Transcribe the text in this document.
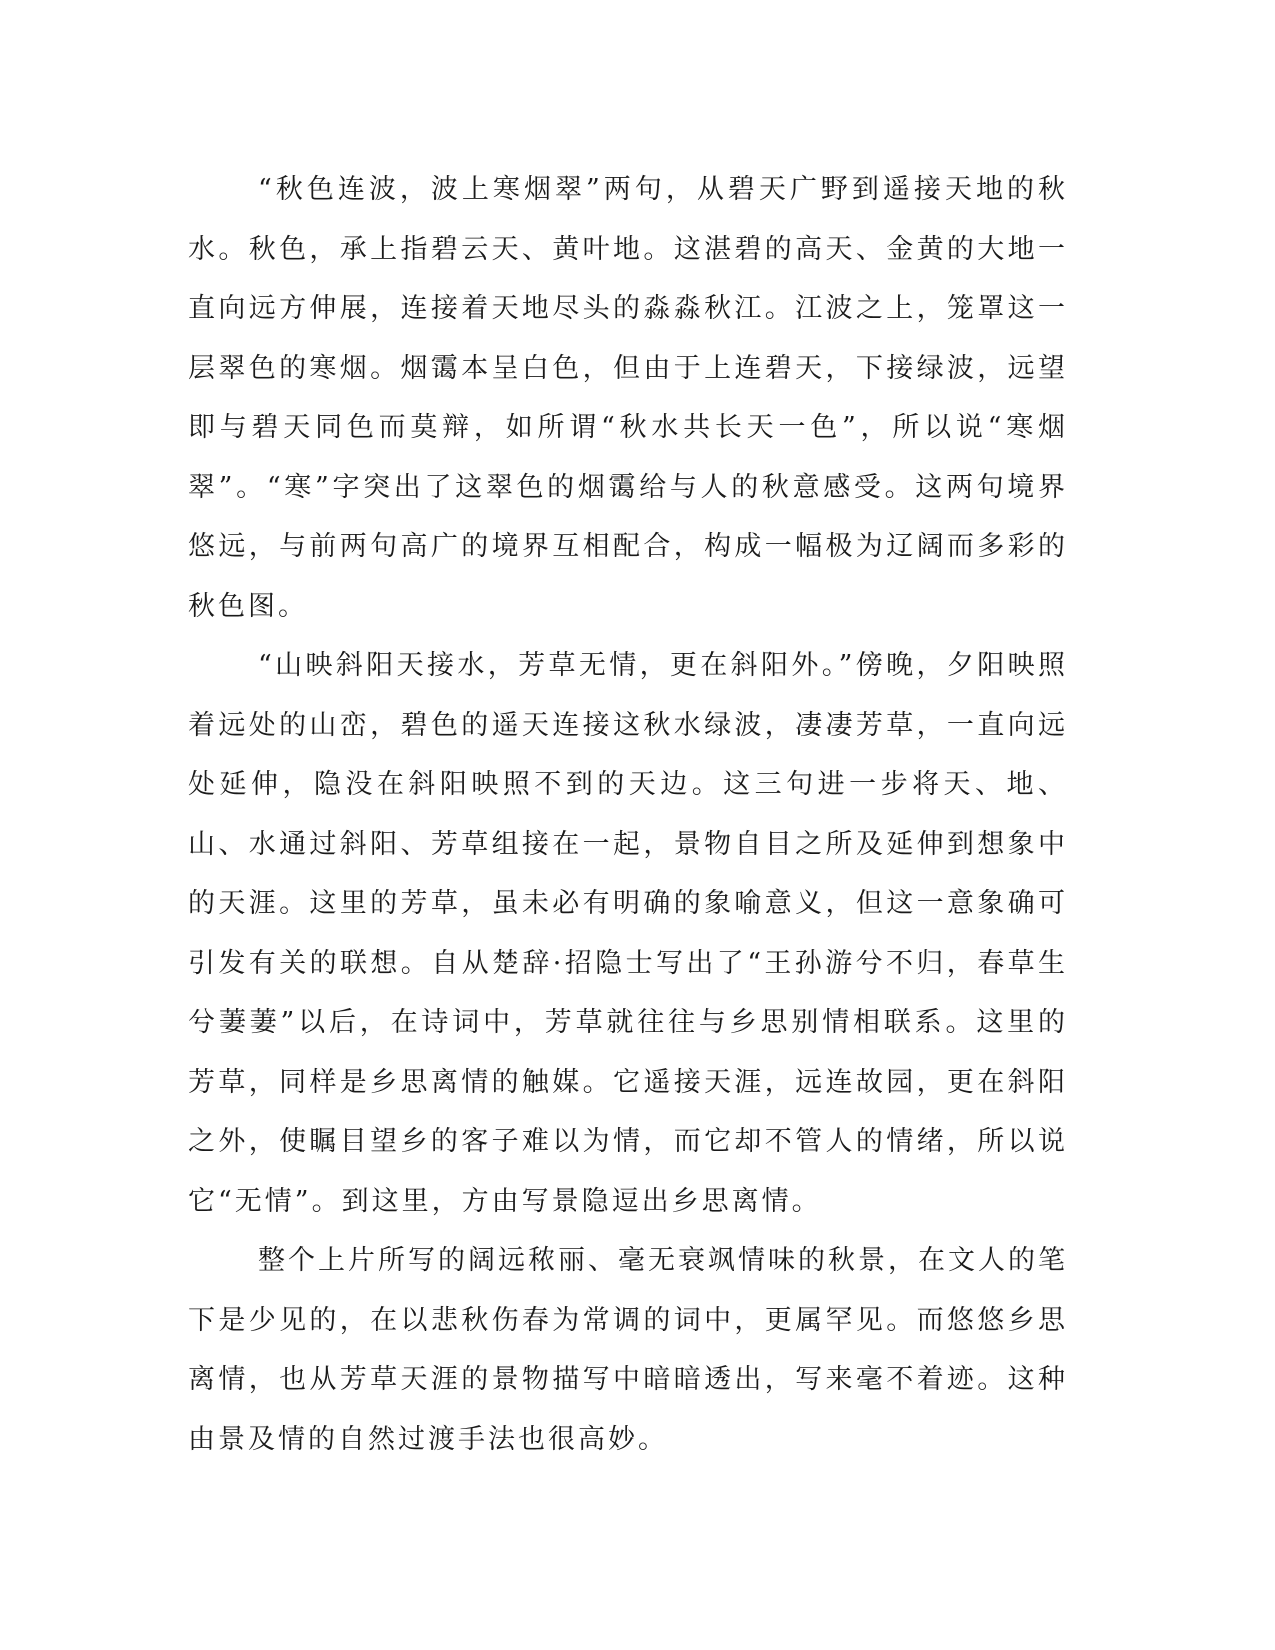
“秋色连波，波上寒烟翠”两句，从碧天广野到遥接天地的秋水。秋色，承上指碧云天、黄叶地。这湛碧的高天、金黄的大地一直向远方伸展，连接着天地尽头的淼淼秋江。江波之上，笼罩这一层翠色的寒烟。烟霭本呈白色，但由于上连碧天，下接绿波，远望即与碧天同色而莫辩，如所谓“秋水共长天一色”，所以说“寒烟翠”。“寒”字突出了这翠色的烟霭给与人的秋意感受。这两句境界悠远，与前两句高广的境界互相配合，构成一幅极为辽阔而多彩的秋色图。

“山映斜阳天接水，芳草无情，更在斜阳外。”傍晚，夕阳映照着远处的山峦，碧色的遥天连接这秋水绿波，凄凄芳草，一直向远处延伸，隐没在斜阳映照不到的天边。这三句进一步将天、地、山、水通过斜阳、芳草组接在一起，景物自目之所及延伸到想象中的天涯。这里的芳草，虽未必有明确的象喻意义，但这一意象确可引发有关的联想。自从楚辞·招隐士写出了“王孙游兮不归，春草生兮萋萋”以后，在诗词中，芳草就往往与乡思别情相联系。这里的芳草，同样是乡思离情的触媒。它遥接天涯，远连故园，更在斜阳之外，使瞩目望乡的客子难以为情，而它却不管人的情绪，所以说它“无情”。到这里，方由写景隐逗出乡思离情。

整个上片所写的阔远秾丽、毫无衰飒情味的秋景，在文人的笔下是少见的，在以悲秋伤春为常调的词中，更属罕见。而悠悠乡思离情，也从芳草天涯的景物描写中暗暗透出，写来毫不着迹。这种由景及情的自然过渡手法也很高妙。
